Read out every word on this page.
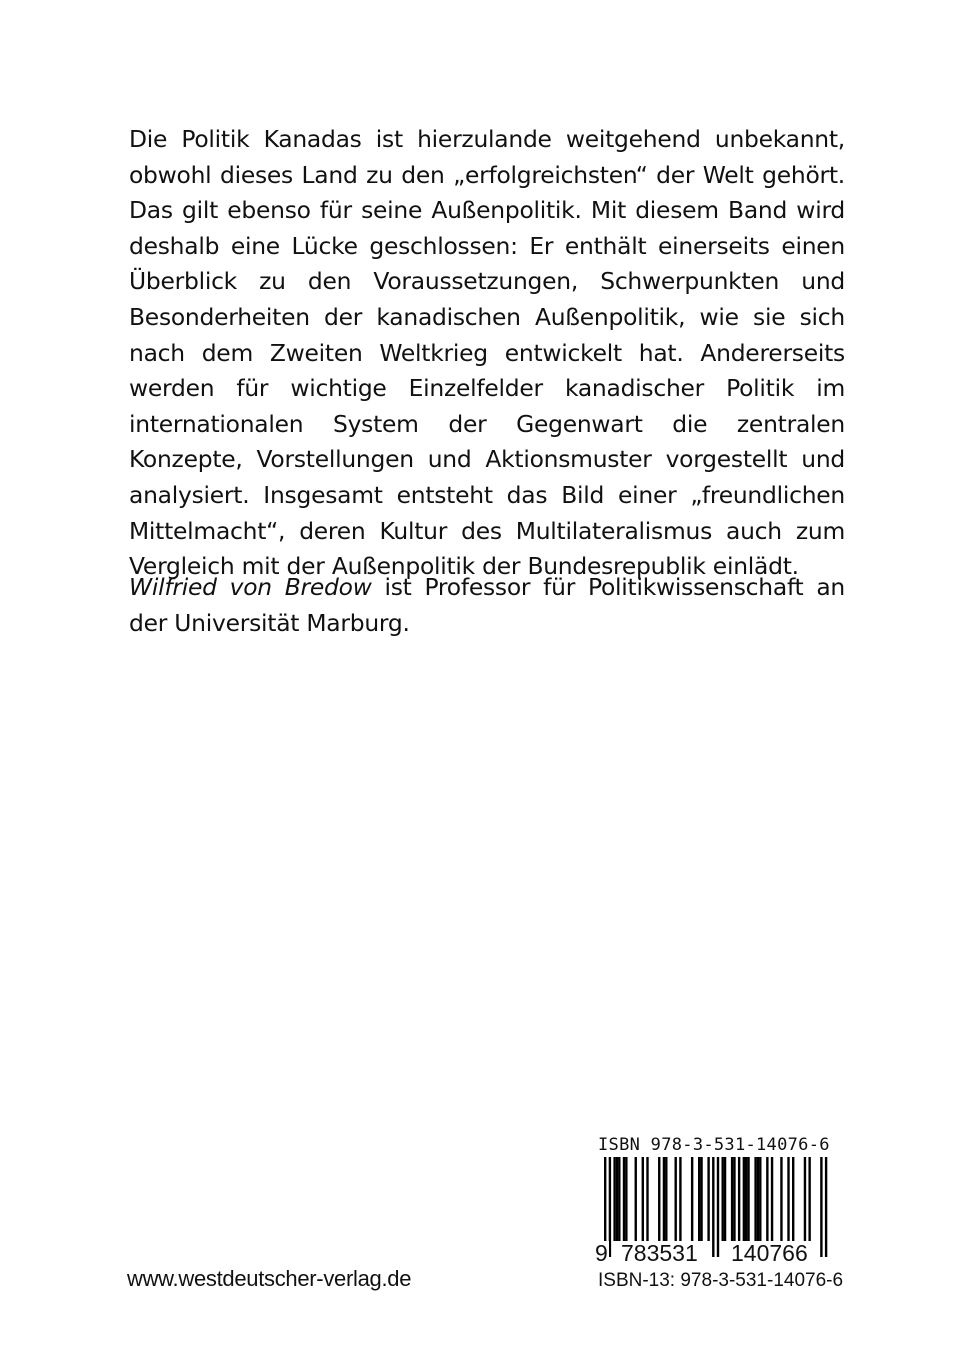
Die Politik Kanadas ist hierzulande weitgehend unbekannt, obwohl dieses Land zu den „erfolgreichsten“ der Welt gehört. Das gilt ebenso für seine Außenpolitik. Mit diesem Band wird deshalb eine Lücke geschlossen: Er enthält einerseits einen Überblick zu den Voraussetzungen, Schwerpunkten und Besonderheiten der kanadischen Außenpolitik, wie sie sich nach dem Zweiten Weltkrieg entwickelt hat. Andererseits werden für wichtige Einzelfelder kanadischer Politik im internationalen System der Gegenwart die zentralen Konzepte, Vorstellungen und Aktionsmuster vorgestellt und analysiert. Insgesamt entsteht das Bild einer „freundlichen Mittelmacht“, deren Kultur des Multilateralismus auch zum Vergleich mit der Außenpolitik der Bundesrepublik einlädt.

Wilfried von Bredow ist Professor für Politikwissenschaft an der Universität Marburg.

ISBN 978-3-531-14076-6
9 783531 140766
ISBN-13: 978-3-531-14076-6
www.westdeutscher-verlag.de
